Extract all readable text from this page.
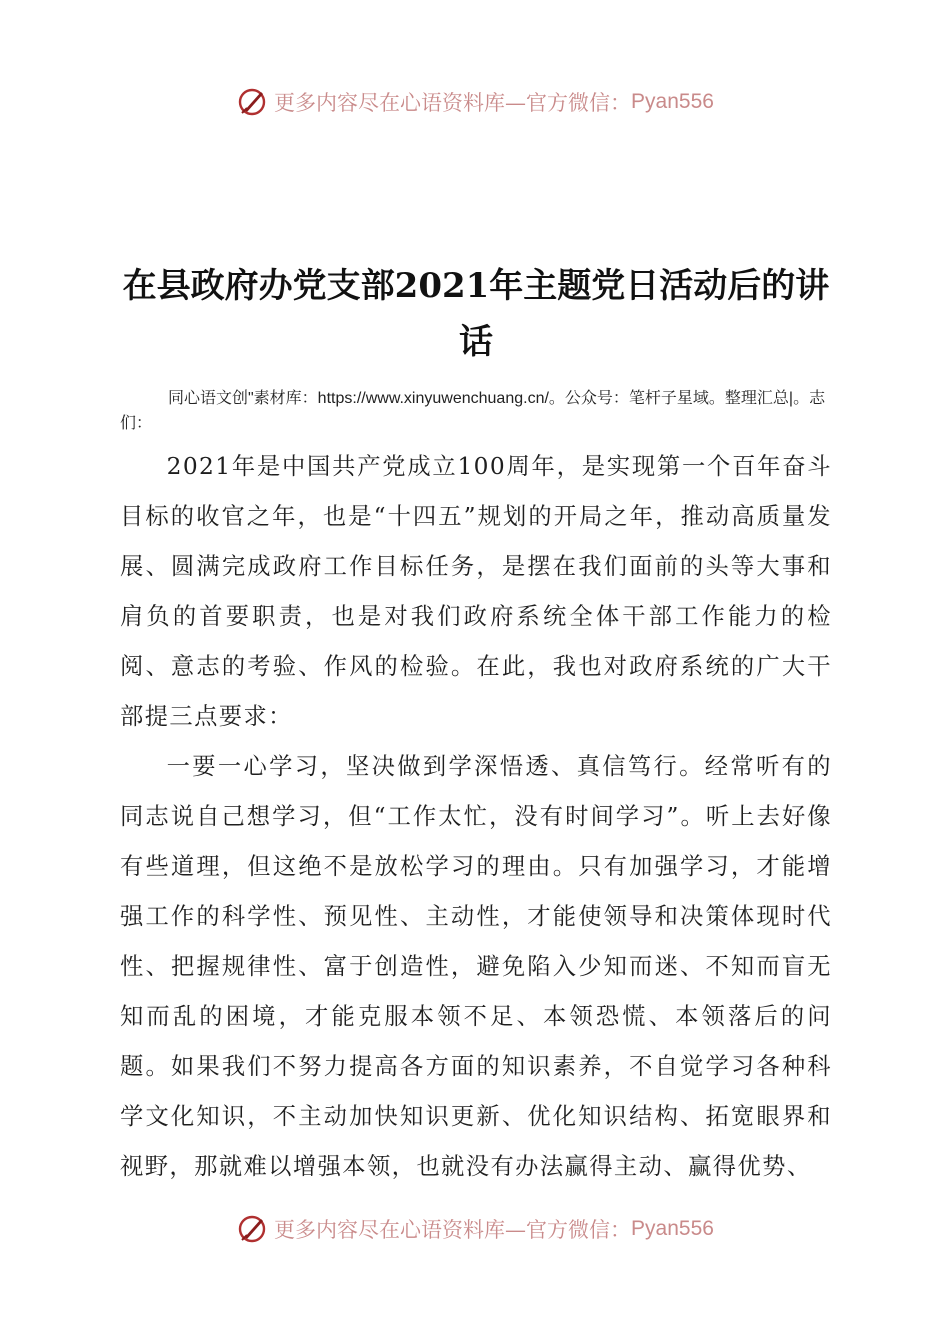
更多内容尽在心语资料库—官方微信： Pyan556
在县政府办党支部2021年主题党日活动后的讲话
同心语文创"素材库：https://www.xinyuwenchuang.cn/。公众号：笔杆子星域。整理汇总|。志们：

2021年是中国共产党成立100周年，是实现第一个百年奋斗目标的收官之年，也是“十四五”规划的开局之年，推动高质量发展、圆满完成政府工作目标任务，是摆在我们面前的头等大事和肩负的首要职责，也是对我们政府系统全体干部工作能力的检阅、意志的考验、作风的检验。在此，我也对政府系统的广大干部提三点要求：

一要一心学习，坚决做到学深悟透、真信笃行。经常听有的同志说自己想学习，但“工作太忙，没有时间学习”。听上去好像有些道理，但这绝不是放松学习的理由。只有加强学习，才能增强工作的科学性、预见性、主动性，才能使领导和决策体现时代性、把握规律性、富于创造性，避免陷入少知而迷、不知而盲无知而乱的困境，才能克服本领不足、本领恐慌、本领落后的问题。如果我们不努力提高各方面的知识素养，不自觉学习各种科学文化知识，不主动加快知识更新、优化知识结构、拓宽眼界和视野，那就难以增强本领，也就没有办法赢得主动、赢得优势、

更多内容尽在心语资料库—官方微信： Pyan556
